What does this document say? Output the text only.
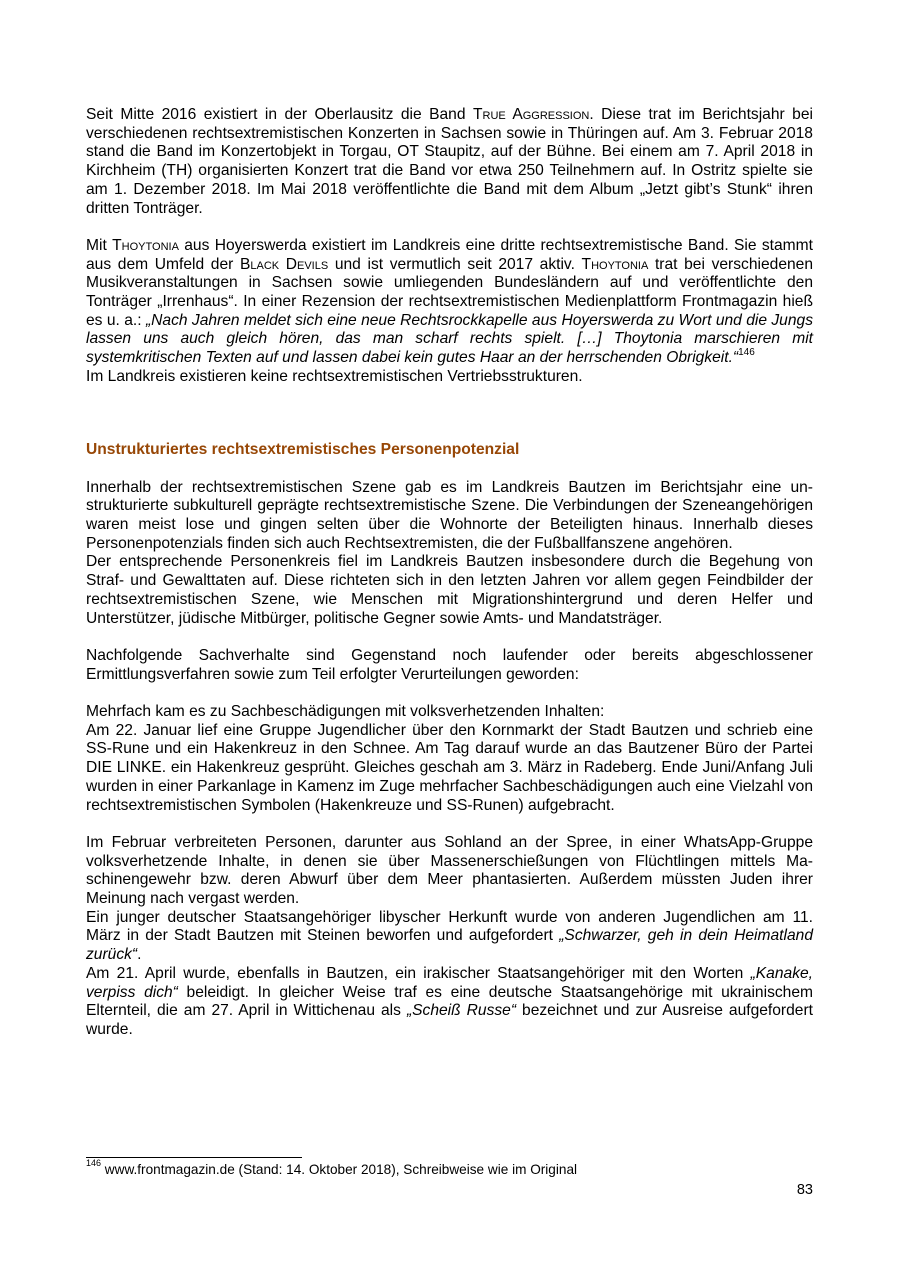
Seit Mitte 2016 existiert in der Oberlausitz die Band True Aggression. Diese trat im Berichtsjahr bei verschiedenen rechtsextremistischen Konzerten in Sachsen sowie in Thüringen auf. Am 3. Februar 2018 stand die Band im Konzertobjekt in Torgau, OT Staupitz, auf der Bühne. Bei einem am 7. April 2018 in Kirchheim (TH) organisierten Konzert trat die Band vor etwa 250 Teilnehmern auf. In Ostritz spielte sie am 1. Dezember 2018. Im Mai 2018 veröffentlichte die Band mit dem Album „Jetzt gibt’s Stunk“ ihren dritten Tonträger.

Mit Thoytonia aus Hoyerswerda existiert im Landkreis eine dritte rechtsextremistische Band. Sie stammt aus dem Umfeld der Black Devils und ist vermutlich seit 2017 aktiv. Thoytonia trat bei verschiedenen Musikveranstaltungen in Sachsen sowie umliegenden Bundesländern auf und veröffentlichte den Tonträger „Irrenhaus“. In einer Rezension der rechtsextremistischen Medienplattform Frontmagazin hieß es u. a.: „Nach Jahren meldet sich eine neue Rechtsrockkapelle aus Hoyerswerda zu Wort und die Jungs lassen uns auch gleich hören, das man scharf rechts spielt. […] Thoytonia marschieren mit systemkritischen Texten auf und lassen dabei kein gutes Haar an der herrschenden Obrigkeit.“$^{146}$

Im Landkreis existieren keine rechtsextremistischen Vertriebsstrukturen.

Unstrukturiertes rechtsextremistisches Personenpotenzial

Innerhalb der rechtsextremistischen Szene gab es im Landkreis Bautzen im Berichtsjahr eine unstrukturierte subkulturell geprägte rechtsextremistische Szene. Die Verbindungen der Szeneangehörigen waren meist lose und gingen selten über die Wohnorte der Beteiligten hinaus. Innerhalb dieses Personenpotenzials finden sich auch Rechtsextremisten, die der Fußballfanszene angehören.

Der entsprechende Personenkreis fiel im Landkreis Bautzen insbesondere durch die Begehung von Straf- und Gewalttaten auf. Diese richteten sich in den letzten Jahren vor allem gegen Feindbilder der rechtsextremistischen Szene, wie Menschen mit Migrationshintergrund und deren Helfer und Unterstützer, jüdische Mitbürger, politische Gegner sowie Amts- und Mandatsträger.

Nachfolgende Sachverhalte sind Gegenstand noch laufender oder bereits abgeschlossener Ermittlungsverfahren sowie zum Teil erfolgter Verurteilungen geworden:

Mehrfach kam es zu Sachbeschädigungen mit volksverhetzenden Inhalten:

Am 22. Januar lief eine Gruppe Jugendlicher über den Kornmarkt der Stadt Bautzen und schrieb eine SS-Rune und ein Hakenkreuz in den Schnee. Am Tag darauf wurde an das Bautzener Büro der Partei DIE LINKE. ein Hakenkreuz gesprüht. Gleiches geschah am 3. März in Radeberg. Ende Juni/Anfang Juli wurden in einer Parkanlage in Kamenz im Zuge mehrfacher Sachbeschädigungen auch eine Vielzahl von rechtsextremistischen Symbolen (Hakenkreuze und SS-Runen) aufgebracht.

Im Februar verbreiteten Personen, darunter aus Sohland an der Spree, in einer WhatsApp-Gruppe volksverhetzende Inhalte, in denen sie über Massenerschießungen von Flüchtlingen mittels Maschinengewehr bzw. deren Abwurf über dem Meer phantasierten. Außerdem müssten Juden ihrer Meinung nach vergast werden.

Ein junger deutscher Staatsangehöriger libyscher Herkunft wurde von anderen Jugendlichen am 11. März in der Stadt Bautzen mit Steinen beworfen und aufgefordert „Schwarzer, geh in dein Heimatland zurück“.

Am 21. April wurde, ebenfalls in Bautzen, ein irakischer Staatsangehöriger mit den Worten „Kanake, verpiss dich“ beleidigt. In gleicher Weise traf es eine deutsche Staatsangehörige mit ukrainischem Elternteil, die am 27. April in Wittichenau als „Scheiß Russe“ bezeichnet und zur Ausreise aufgefordert wurde.

$^{146}$ www.frontmagazin.de (Stand: 14. Oktober 2018), Schreibweise wie im Original
83
